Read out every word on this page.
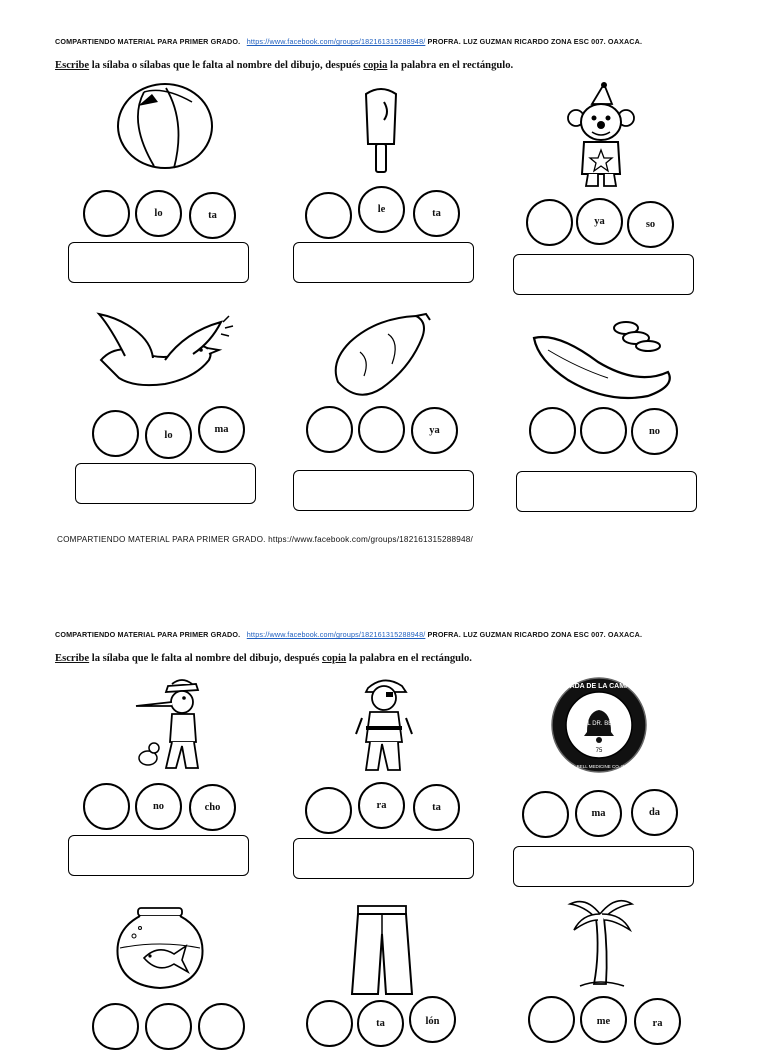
COMPARTIENDO MATERIAL PARA PRIMER GRADO. https://www.facebook.com/groups/182161315288948/ PROFRA. LUZ GUZMAN RICARDO ZONA ESC 007. OAXACA.
Escribe la sílaba o sílabas que le falta al nombre del dibujo, después copia la palabra en el rectángulo.
lo	ta
le	ta
ya	so
lo
ma	ya	no
COMPARTIENDO MATERIAL PARA PRIMER GRADO. https://www.facebook.com/groups/182161315288948/
COMPARTIENDO MATERIAL PARA PRIMER GRADO. https://www.facebook.com/groups/182161315288948/ PROFRA. LUZ GUZMAN RICARDO ZONA ESC 007. OAXACA.
Escribe la sílaba que le falta al nombre del dibujo, después copia la palabra en el rectángulo.
DEL DR. BELL
75
POMADA DE LA CAMPANA
DR. BELL MEDICINE CO. INC.
no	cho	ra	ta
ma	da
ta	lón	me	ra
